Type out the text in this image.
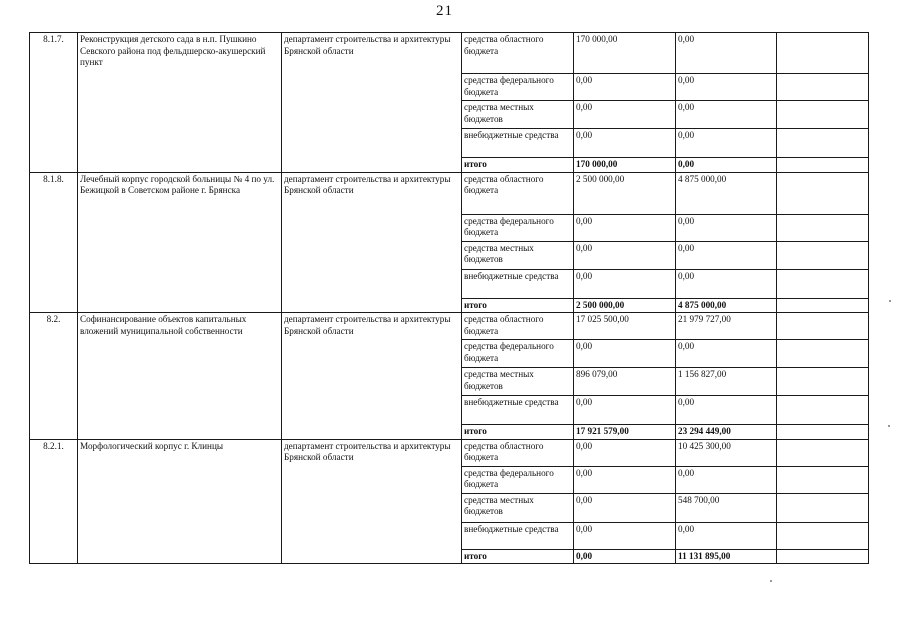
21
8.1.7.	Реконструкция детского сада в н.п. Пушкино Севского района под фельдшерско-акушерский пункт	департамент строительства и архитектуры Брянской области	средства областного бюджета	170 000,00	0,00	
			средства федерального бюджета	0,00	0,00	
			средства местных бюджетов	0,00	0,00	
			внебюджетные средства	0,00	0,00	
			итого	170 000,00	0,00	
8.1.8.	Лечебный корпус городской больницы № 4 по ул. Бежицкой в Советском районе г. Брянска	департамент строительства и архитектуры Брянской области	средства областного бюджета	2 500 000,00	4 875 000,00	
			средства федерального бюджета	0,00	0,00	
			средства местных бюджетов	0,00	0,00	
			внебюджетные средства	0,00	0,00	
			итого	2 500 000,00	4 875 000,00	
8.2.	Софинансирование объектов капитальных вложений муниципальной собственности	департамент строительства и архитектуры Брянской области	средства областного бюджета	17 025 500,00	21 979 727,00	
			средства федерального бюджета	0,00	0,00	
			средства местных бюджетов	896 079,00	1 156 827,00	
			внебюджетные средства	0,00	0,00	
			итого	17 921 579,00	23 294 449,00	
8.2.1.	Морфологический корпус г. Клинцы	департамент строительства и архитектуры Брянской области	средства областного бюджета	0,00	10 425 300,00	
			средства федерального бюджета	0,00	0,00	
			средства местных бюджетов	0,00	548 700,00	
			внебюджетные средства	0,00	0,00	
			итого	0,00	11 131 895,00	
